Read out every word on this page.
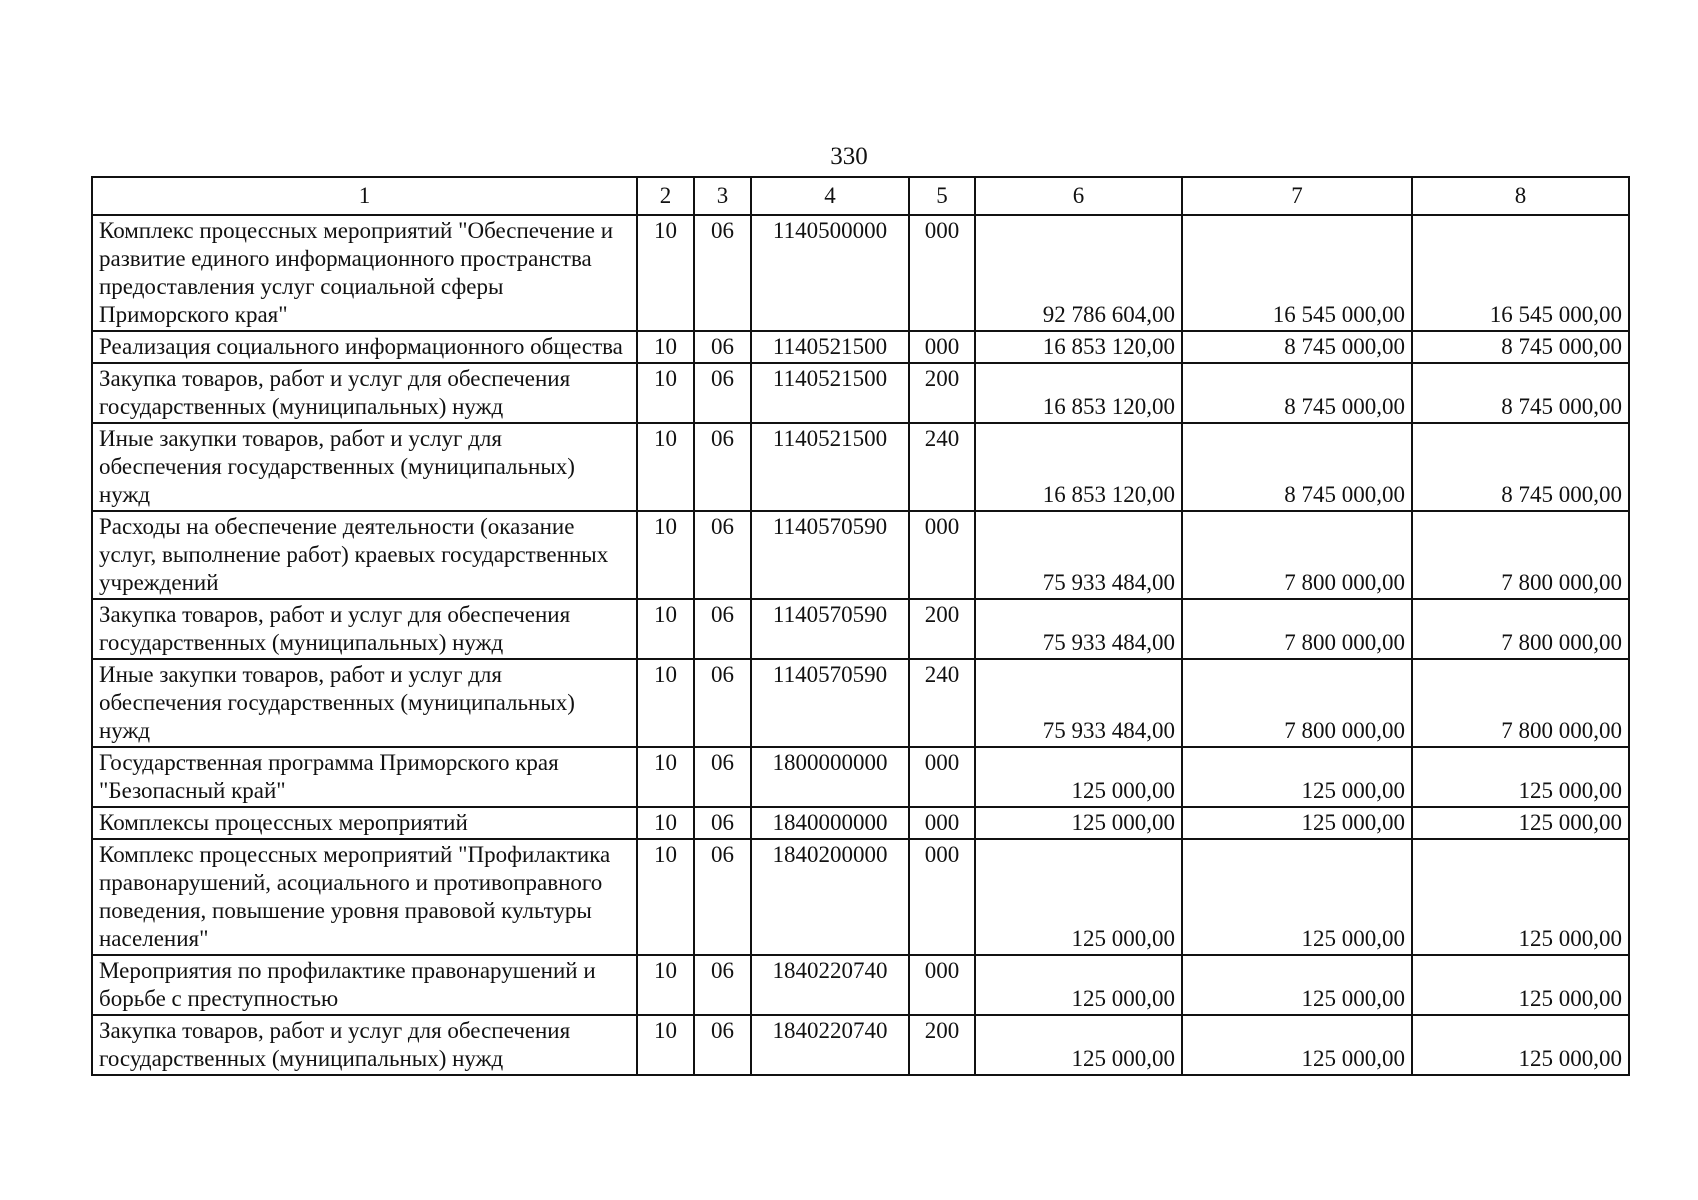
330
1	2	3	4	5	6	7	8
Комплекс процессных мероприятий "Обеспечение и развитие единого информационного пространства предоставления услуг социальной сферы Приморского края"	10	06	1140500000	000	92 786 604,00	16 545 000,00	16 545 000,00
Реализация социального информационного общества	10	06	1140521500	000	16 853 120,00	8 745 000,00	8 745 000,00
Закупка товаров, работ и услуг для обеспечения государственных (муниципальных) нужд	10	06	1140521500	200	16 853 120,00	8 745 000,00	8 745 000,00
Иные закупки товаров, работ и услуг для обеспечения государственных (муниципальных) нужд	10	06	1140521500	240	16 853 120,00	8 745 000,00	8 745 000,00
Расходы на обеспечение деятельности (оказание услуг, выполнение работ) краевых государственных учреждений	10	06	1140570590	000	75 933 484,00	7 800 000,00	7 800 000,00
Закупка товаров, работ и услуг для обеспечения государственных (муниципальных) нужд	10	06	1140570590	200	75 933 484,00	7 800 000,00	7 800 000,00
Иные закупки товаров, работ и услуг для обеспечения государственных (муниципальных) нужд	10	06	1140570590	240	75 933 484,00	7 800 000,00	7 800 000,00
Государственная программа Приморского края "Безопасный край"	10	06	1800000000	000	125 000,00	125 000,00	125 000,00
Комплексы процессных мероприятий	10	06	1840000000	000	125 000,00	125 000,00	125 000,00
Комплекс процессных мероприятий "Профилактика правонарушений, асоциального и противоправного поведения, повышение уровня правовой культуры населения"	10	06	1840200000	000	125 000,00	125 000,00	125 000,00
Мероприятия по профилактике правонарушений и борьбе с преступностью	10	06	1840220740	000	125 000,00	125 000,00	125 000,00
Закупка товаров, работ и услуг для обеспечения государственных (муниципальных) нужд	10	06	1840220740	200	125 000,00	125 000,00	125 000,00
